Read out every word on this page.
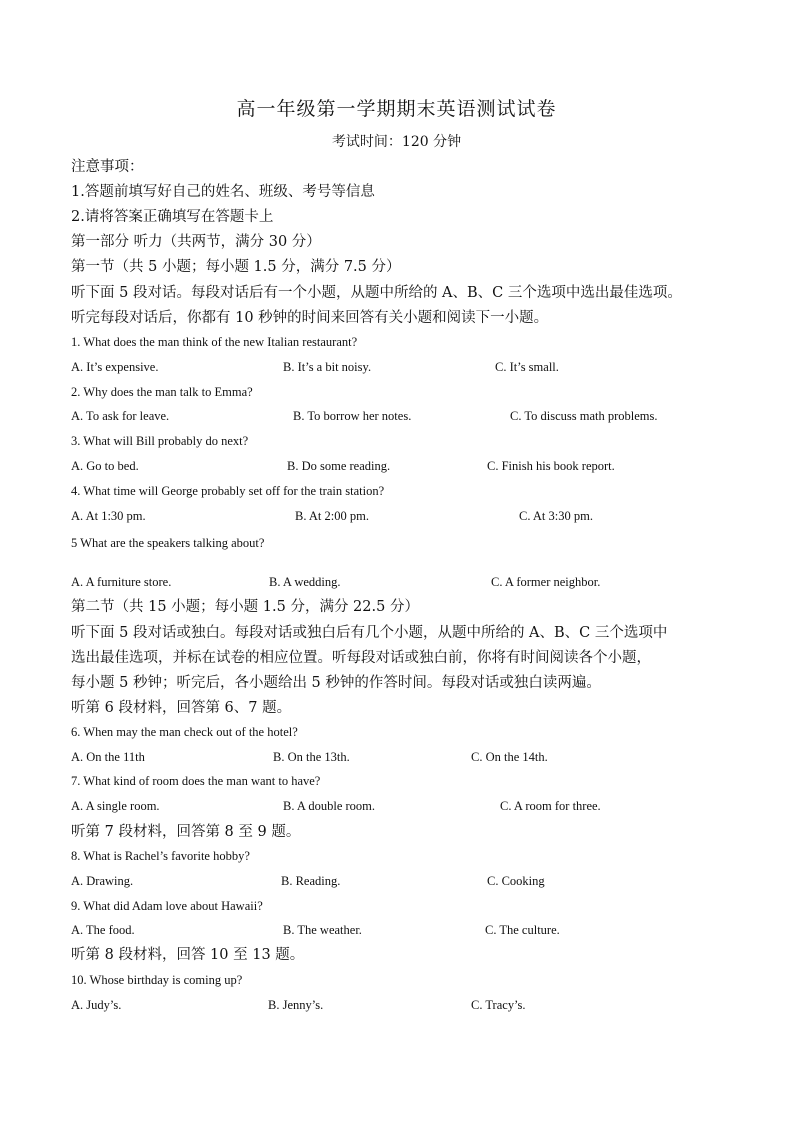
高一年级第一学期期末英语测试试卷
考试时间：120 分钟
注意事项：
1.答题前填写好自己的姓名、班级、考号等信息
2.请将答案正确填写在答题卡上
第一部分 听力（共两节，满分 30 分）
第一节（共 5 小题；每小题 1.5 分，满分 7.5 分）
听下面 5 段对话。每段对话后有一个小题，从题中所给的 A、B、C 三个选项中选出最佳选项。
听完每段对话后，你都有 10 秒钟的时间来回答有关小题和阅读下一小题。
1. What does the man think of the new Italian restaurant?
A. It’s expensive.	B. It’s a bit noisy.	C. It’s small.
2. Why does the man talk to Emma?
A. To ask for leave.	B. To borrow her notes.	C. To discuss math problems.
3. What will Bill probably do next?
A. Go to bed.	B. Do some reading.	C. Finish his book report.
4. What time will George probably set off for the train station?
A. At 1:30 pm.	B. At 2:00 pm.	C. At 3:30 pm.
5 What are the speakers talking about?
A. A furniture store.	B. A wedding.	C. A former neighbor.
第二节（共 15 小题；每小题 1.5 分，满分 22.5 分）
听下面 5 段对话或独白。每段对话或独白后有几个小题，从题中所给的 A、B、C 三个选项中
选出最佳选项，并标在试卷的相应位置。听每段对话或独白前，你将有时间阅读各个小题，
每小题 5 秒钟；听完后，各小题给出 5 秒钟的作答时间。每段对话或独白读两遍。
听第 6 段材料，回答第 6、7 题。
6. When may the man check out of the hotel?
A. On the 11th	B. On the 13th.	C. On the 14th.
7. What kind of room does the man want to have?
A. A single room.	B. A double room.	C. A room for three.
听第 7 段材料，回答第 8 至 9 题。
8. What is Rachel’s favorite hobby?
A. Drawing.	B. Reading.	C. Cooking
9. What did Adam love about Hawaii?
A. The food.	B. The weather.	C. The culture.
听第 8 段材料，回答 10 至 13 题。
10. Whose birthday is coming up?
A. Judy’s.	B. Jenny’s.	C. Tracy’s.
